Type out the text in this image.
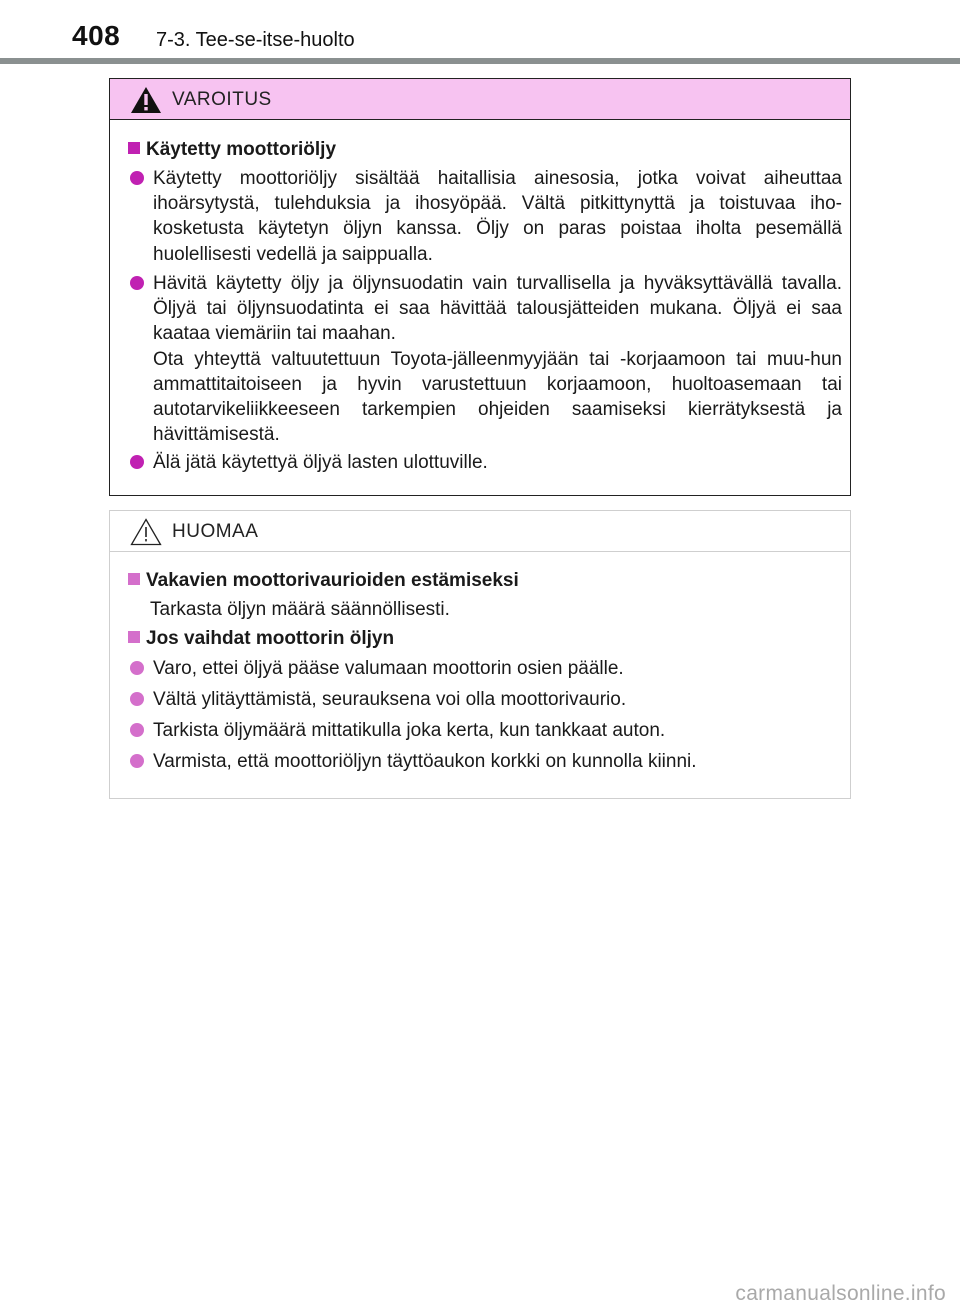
408 7-3. Tee-se-itse-huolto
VAROITUS
Käytetty moottoriöljy
Käytetty moottoriöljy sisältää haitallisia ainesosia, jotka voivat aiheuttaa ihoärsytystä, tulehduksia ja ihosyöpää. Vältä pitkittynyttä ja toistuvaa iho-kosketusta käytetyn öljyn kanssa. Öljy on paras poistaa iholta pesemällä huolellisesti vedellä ja saippualla.
Hävitä käytetty öljy ja öljynsuodatin vain turvallisella ja hyväksyttävällä tavalla. Öljyä tai öljynsuodatinta ei saa hävittää talousjätteiden mukana. Öljyä ei saa kaataa viemäriin tai maahan.
Ota yhteyttä valtuutettuun Toyota-jälleenmyyjään tai -korjaamoon tai muu-hun ammattitaitoiseen ja hyvin varustettuun korjaamoon, huoltoasemaan tai autotarvikeliikkeeseen tarkempien ohjeiden saamiseksi kierrätyksestä ja hävittämisestä.
Älä jätä käytettyä öljyä lasten ulottuville.
HUOMAA
Vakavien moottorivaurioiden estämiseksi
Tarkasta öljyn määrä säännöllisesti.
Jos vaihdat moottorin öljyn
Varo, ettei öljyä pääse valumaan moottorin osien päälle.
Vältä ylitäyttämistä, seurauksena voi olla moottorivaurio.
Tarkista öljymäärä mittatikulla joka kerta, kun tankkaat auton.
Varmista, että moottoriöljyn täyttöaukon korkki on kunnolla kiinni.
carmanualsonline.info
